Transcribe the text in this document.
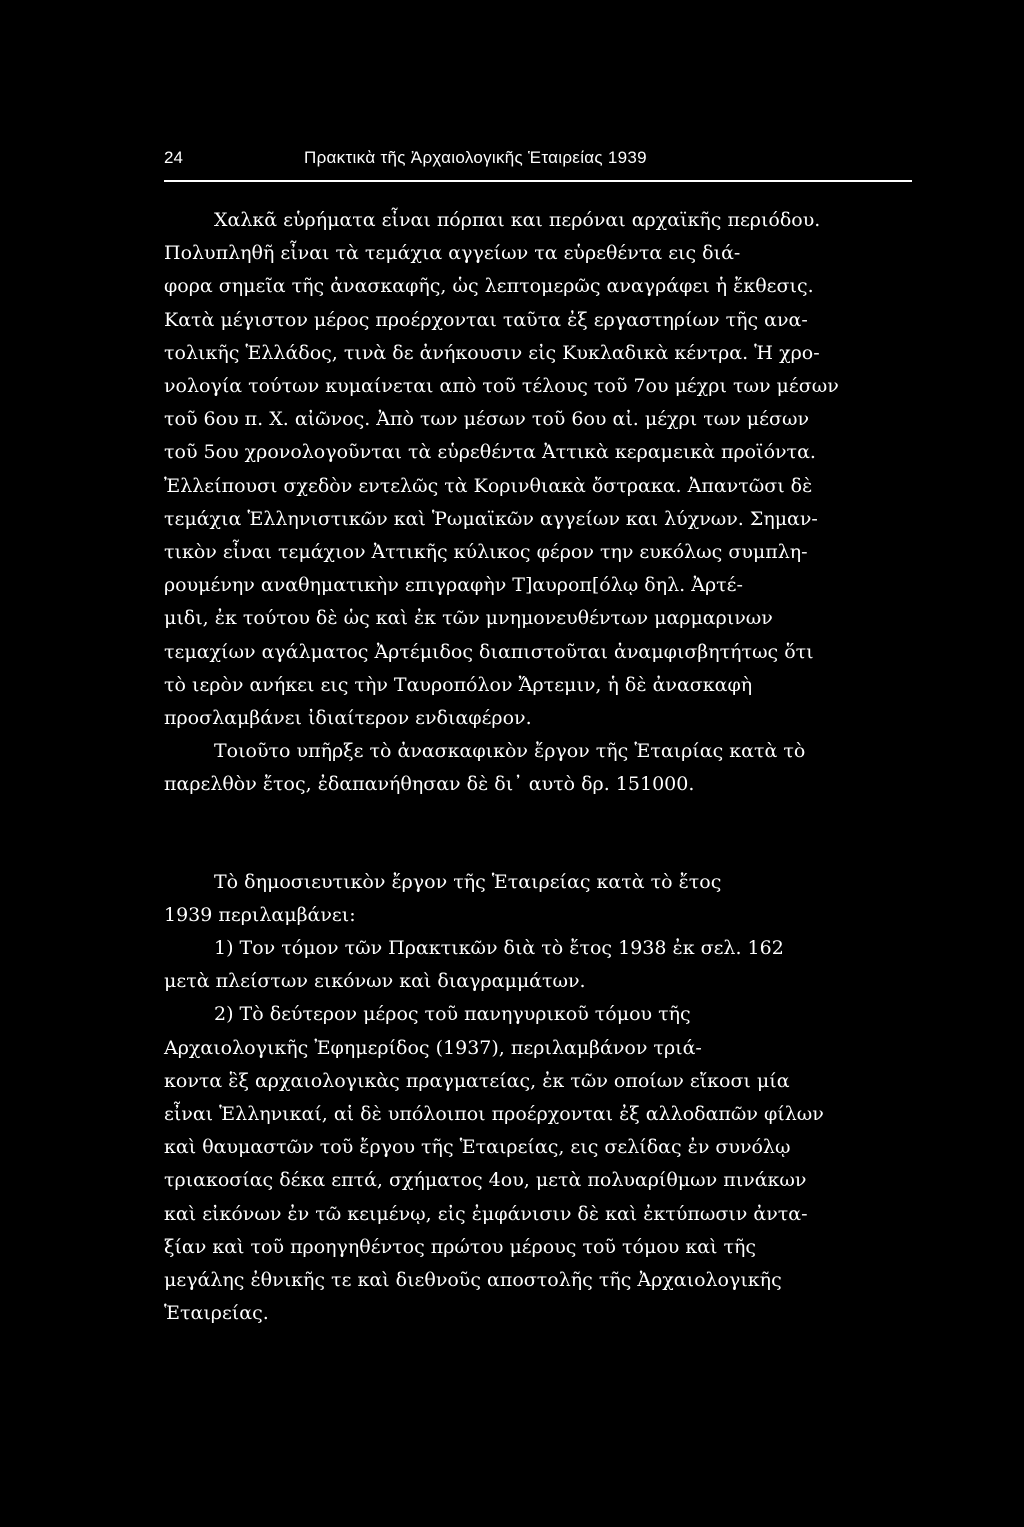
24	Πρακτικὰ τῆς Ἀρχαιολογικῆς Ἑταιρείας 1939

Χαλκᾶ εὑρήματα εἶναι πόρπαι και περόναι αρχαϊκῆς περιόδου.
Πολυπληθῆ εἶναι τὰ τεμάχια αγγείων τα εὑρεθέντα εις διά-
φορα σημεῖα τῆς ἀνασκαφῆς, ὡς λεπτομερῶς αναγράφει ἡ ἔκθεσις.
Κατὰ μέγιστον μέρος προέρχονται ταῦτα ἐξ εργαστηρίων τῆς ανα-
τολικῆς Ἑλλάδος, τινὰ δε ἀνήκουσιν εἰς Κυκλαδικὰ κέντρα. Ἡ χρο-
νολογία τούτων κυμαίνεται απὸ τοῦ τέλους τοῦ 7ου μέχρι των μέσων
τοῦ 6ου π. Χ. αἰῶνος. Ἀπὸ των μέσων τοῦ 6ου αἰ. μέχρι των μέσων
τοῦ 5ου χρονολογοῦνται τὰ εὑρεθέντα Ἀττικὰ κεραμεικὰ προϊόντα.
Ἐλλείπουσι σχεδὸν εντελῶς τὰ Κορινθιακὰ ὄστρακα. Ἀπαντῶσι δὲ
τεμάχια Ἑλληνιστικῶν καὶ Ῥωμαϊκῶν αγγείων και λύχνων. Σημαν-
τικὸν εἶναι τεμάχιον Ἀττικῆς κύλικος φέρον την ευκόλως συμπλη-
ρουμένην αναθηματικὴν επιγραφὴν Τ]αυροπ[όλῳ δηλ. Ἀρτέ-
μιδι, ἐκ τούτου δὲ ὡς καὶ ἐκ τῶν μνημονευθέντων μαρμαρινων
τεμαχίων αγάλματος Ἀρτέμιδος διαπιστοῦται ἀναμφισβητήτως ὅτι
τὸ ιερὸν ανήκει εις τὴν Ταυροπόλον Ἄρτεμιν, ἡ δὲ ἀνασκαφὴ
προσλαμβάνει ἰδιαίτερον ενδιαφέρον.

Τοιοῦτο υπῆρξε τὸ ἀνασκαφικὸν ἔργον τῆς Ἑταιρίας κατὰ τὸ
παρελθὸν ἔτος, ἐδαπανήθησαν δὲ δι᾽ αυτὸ δρ. 151000.

Τὸ δημοσιευτικὸν ἔργον τῆς Ἑταιρείας κατὰ τὸ ἔτος
1939 περιλαμβάνει:

1) Τον τόμον τῶν Πρακτικῶν διὰ τὸ ἔτος 1938 ἐκ σελ. 162
μετὰ πλείστων εικόνων καὶ διαγραμμάτων.

2) Τὸ δεύτερον μέρος τοῦ πανηγυρικοῦ τόμου τῆς
Αρχαιολογικῆς Ἐφημερίδος (1937), περιλαμβάνον τριά-
κοντα ἓξ αρχαιολογικὰς πραγματείας, ἐκ τῶν οποίων εἴκοσι μία
εἶναι Ἑλληνικαί, αἱ δὲ υπόλοιποι προέρχονται ἐξ αλλοδαπῶν φίλων
καὶ θαυμαστῶν τοῦ ἔργου τῆς Ἑταιρείας, εις σελίδας ἐν συνόλῳ
τριακοσίας δέκα επτά, σχήματος 4ου, μετὰ πολυαρίθμων πινάκων
καὶ εἰκόνων ἐν τῶ κειμένῳ, εἰς ἐμφάνισιν δὲ καὶ ἐκτύπωσιν ἀντα-
ξίαν καὶ τοῦ προηγηθέντος πρώτου μέρους τοῦ τόμου καὶ τῆς
μεγάλης ἐθνικῆς τε καὶ διεθνοῦς αποστολῆς τῆς Ἀρχαιολογικῆς
Ἑταιρείας.
